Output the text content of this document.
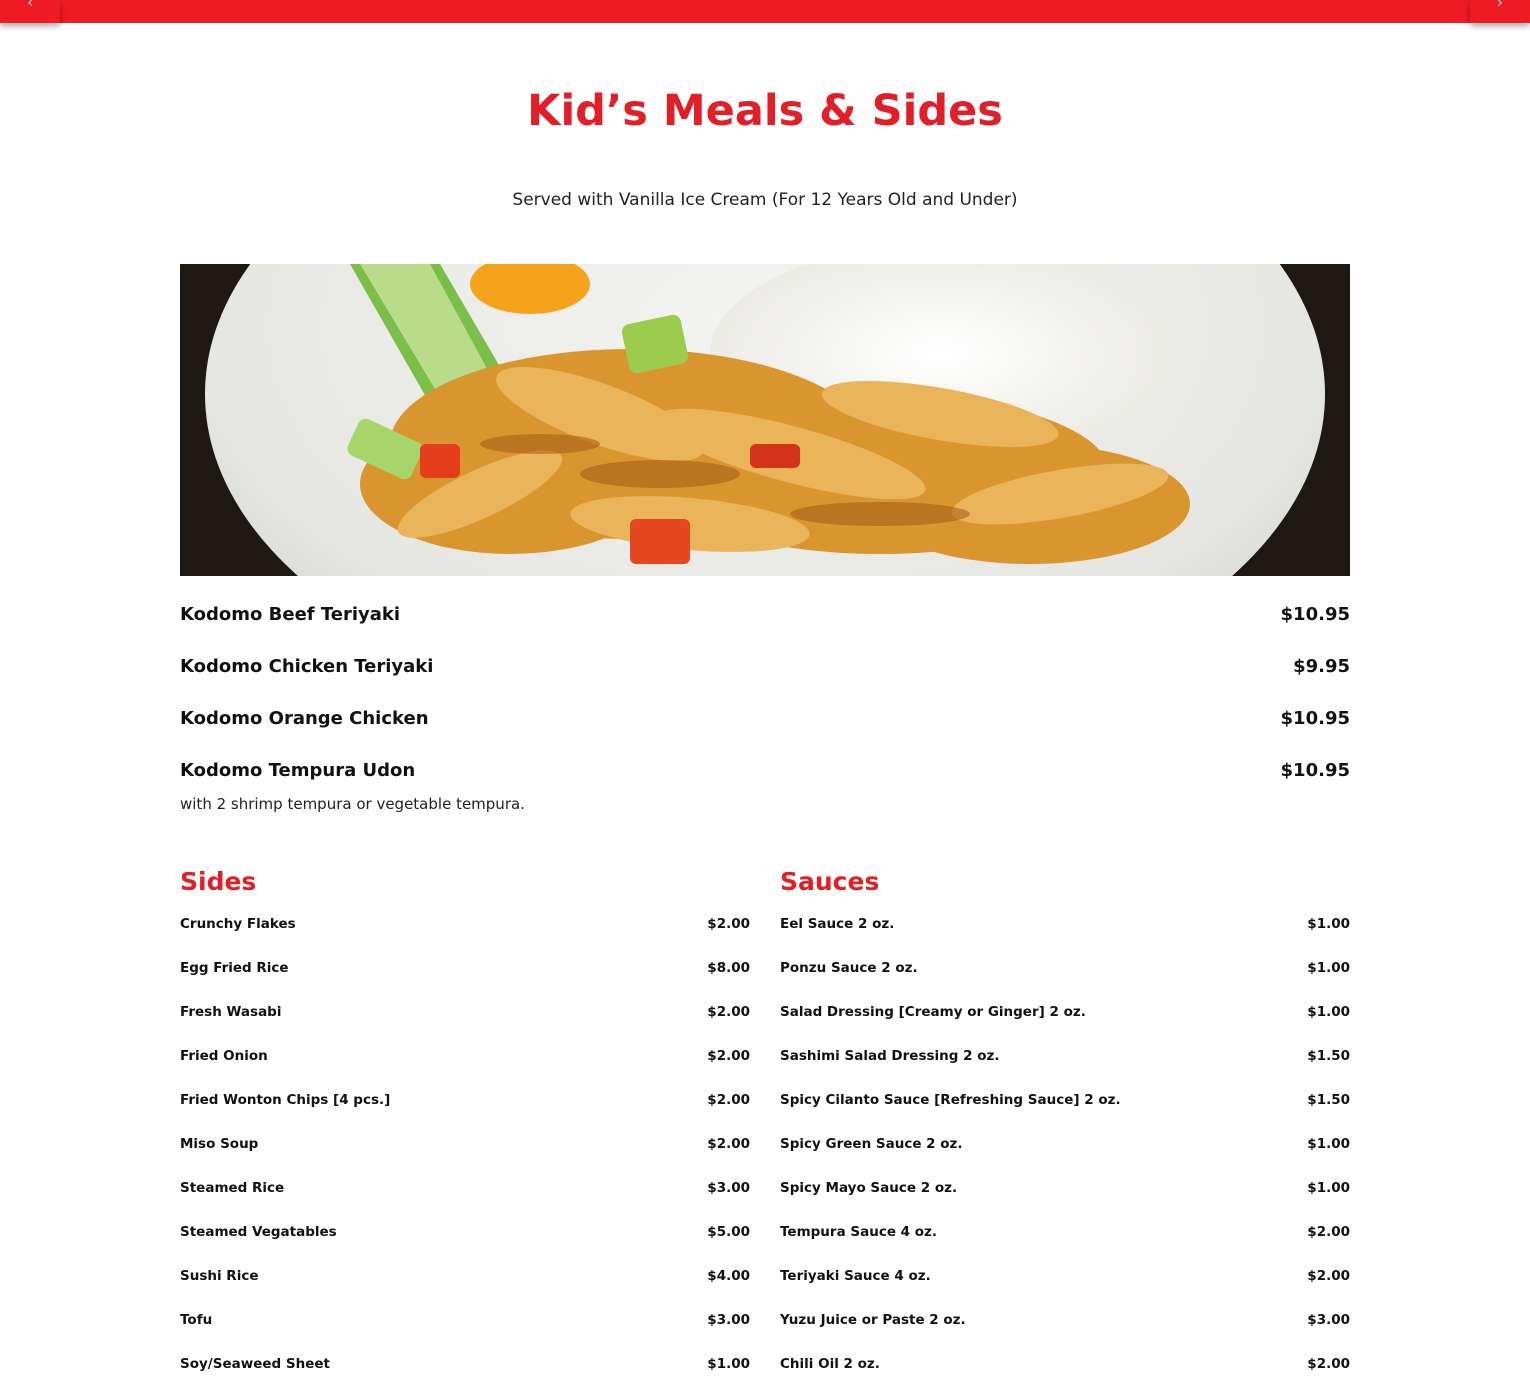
‹	›
Kid’s Meals & Sides
Served with Vanilla Ice Cream (For 12 Years Old and Under)
Kodomo Beef Teriyaki	$10.95
Kodomo Chicken Teriyaki	$9.95
Kodomo Orange Chicken	$10.95
Kodomo Tempura Udon	$10.95
with 2 shrimp tempura or vegetable tempura.
Sides
Crunchy Flakes	$2.00
Egg Fried Rice	$8.00
Fresh Wasabi	$2.00
Fried Onion	$2.00
Fried Wonton Chips [4 pcs.]	$2.00
Miso Soup	$2.00
Steamed Rice	$3.00
Steamed Vegatables	$5.00
Sushi Rice	$4.00
Tofu	$3.00
Soy/Seaweed Sheet	$1.00
Sauces
Eel Sauce 2 oz.	$1.00
Ponzu Sauce 2 oz.	$1.00
Salad Dressing [Creamy or Ginger] 2 oz.	$1.00
Sashimi Salad Dressing 2 oz.	$1.50
Spicy Cilanto Sauce [Refreshing Sauce] 2 oz.	$1.50
Spicy Green Sauce 2 oz.	$1.00
Spicy Mayo Sauce 2 oz.	$1.00
Tempura Sauce 4 oz.	$2.00
Teriyaki Sauce 4 oz.	$2.00
Yuzu Juice or Paste 2 oz.	$3.00
Chili Oil 2 oz.	$2.00
